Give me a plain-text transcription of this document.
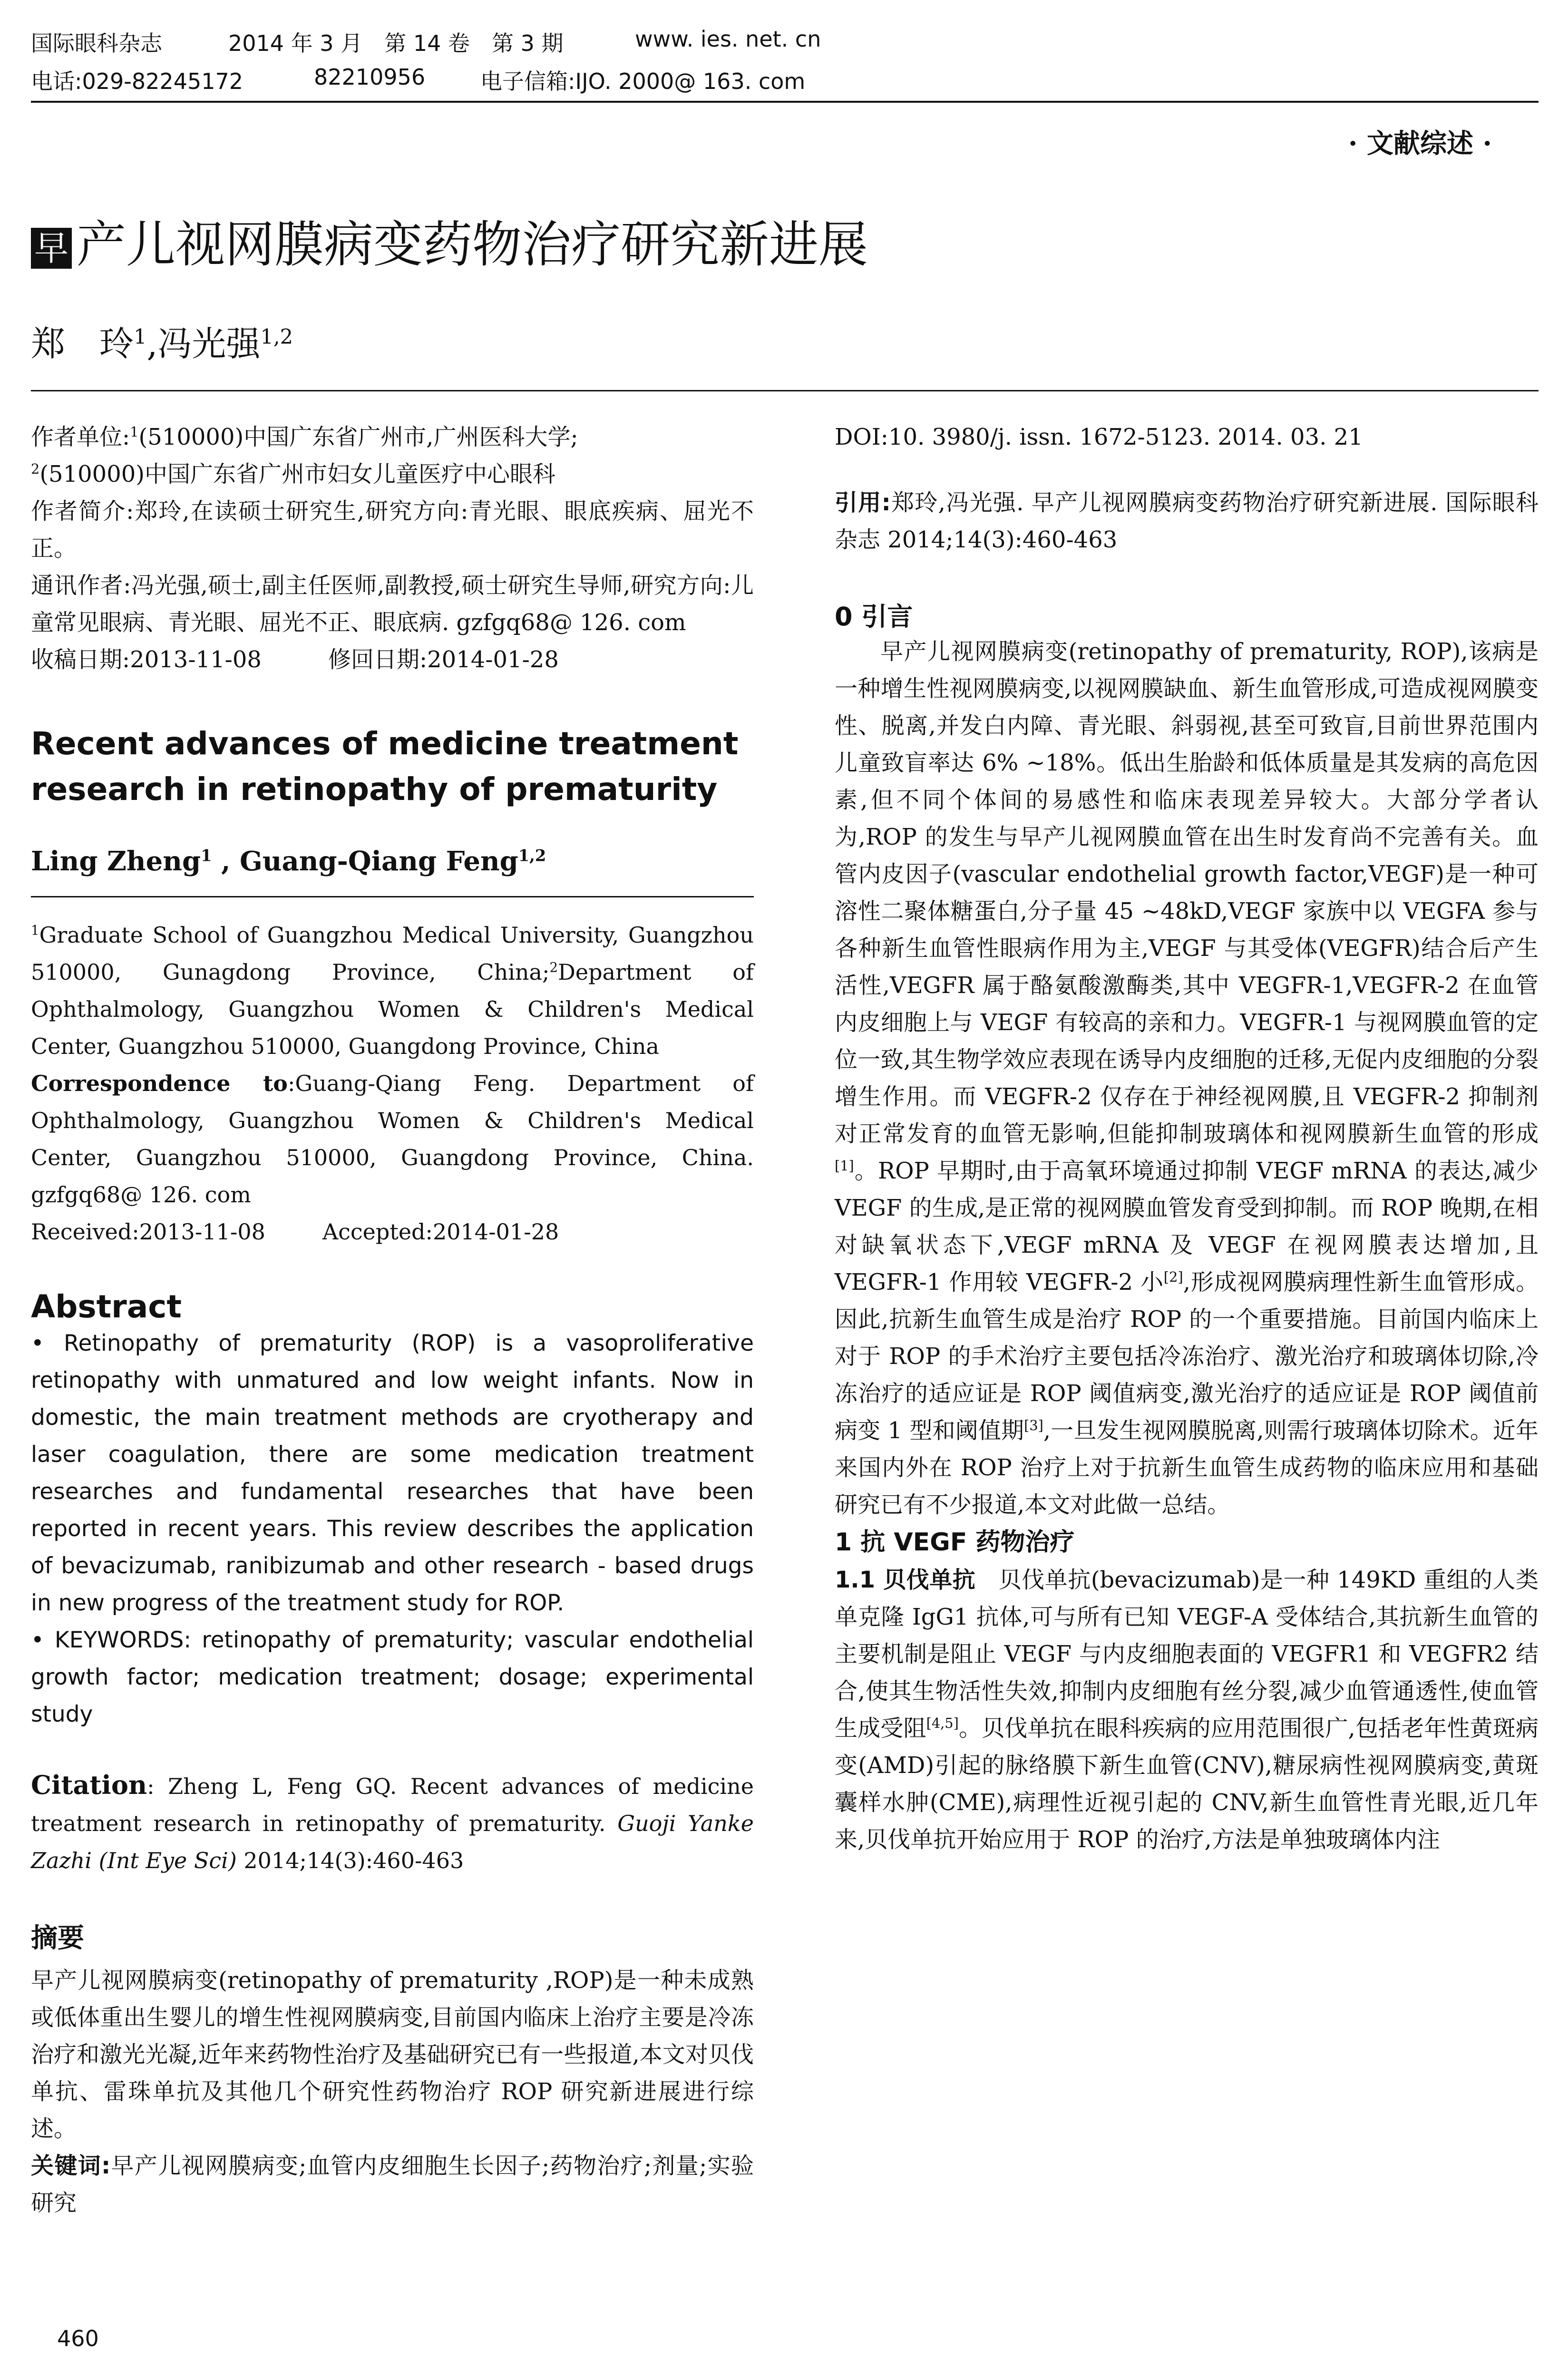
国际眼科杂志	2014 年 3 月　第 14 卷　第 3 期	www. ies. net. cn
电话:029-82245172	82210956	电子信箱:IJO. 2000@ 163. com
· 文献综述 ·
早 产儿视网膜病变药物治疗研究新进展
郑　玲$^1$,冯光强$^{1,2}$

作者单位:$^1$(510000)中国广东省广州市,广州医科大学;
$^2$(510000)中国广东省广州市妇女儿童医疗中心眼科

作者简介:郑玲,在读硕士研究生,研究方向:青光眼、眼底疾病、屈光不正。

通讯作者:冯光强,硕士,副主任医师,副教授,硕士研究生导师,研究方向:儿童常见眼病、青光眼、屈光不正、眼底病. gzfgq68@ 126. com

收稿日期:2013-11-08	修回日期:2014-01-28

Recent advances of medicine treatment research in retinopathy of prematurity
Ling Zheng$^1$ , Guang-Qiang Feng$^{1,2}$

$^1$Graduate School of Guangzhou Medical University, Guangzhou 510000, Gunagdong Province, China;$^2$Department of Ophthalmology, Guangzhou Women & Children's Medical Center, Guangzhou 510000, Guangdong Province, China

Correspondence to:Guang-Qiang Feng. Department of Ophthalmology, Guangzhou Women & Children's Medical Center, Guangzhou 510000, Guangdong Province, China. gzfgq68@ 126. com

Received:2013-11-08	Accepted:2014-01-28

Abstract

• Retinopathy of prematurity (ROP) is a vasoproliferative retinopathy with unmatured and low weight infants. Now in domestic, the main treatment methods are cryotherapy and laser coagulation, there are some medication treatment researches and fundamental researches that have been reported in recent years. This review describes the application of bevacizumab, ranibizumab and other research - based drugs in new progress of the treatment study for ROP.

• KEYWORDS: retinopathy of prematurity; vascular endothelial growth factor; medication treatment; dosage; experimental study

Citation: Zheng L, Feng GQ. Recent advances of medicine treatment research in retinopathy of prematurity. Guoji Yanke Zazhi (Int Eye Sci) 2014;14(3):460-463

摘要

早产儿视网膜病变(retinopathy of prematurity ,ROP)是一种未成熟或低体重出生婴儿的增生性视网膜病变,目前国内临床上治疗主要是冷冻治疗和激光光凝,近年来药物性治疗及基础研究已有一些报道,本文对贝伐单抗、雷珠单抗及其他几个研究性药物治疗 ROP 研究新进展进行综述。

关键词:早产儿视网膜病变;血管内皮细胞生长因子;药物治疗;剂量;实验研究

DOI:10. 3980/j. issn. 1672-5123. 2014. 03. 21

引用:郑玲,冯光强. 早产儿视网膜病变药物治疗研究新进展. 国际眼科杂志 2014;14(3):460-463

0 引言

早产儿视网膜病变(retinopathy of prematurity, ROP),该病是一种增生性视网膜病变,以视网膜缺血、新生血管形成,可造成视网膜变性、脱离,并发白内障、青光眼、斜弱视,甚至可致盲,目前世界范围内儿童致盲率达 6% ~18%。低出生胎龄和低体质量是其发病的高危因素,但不同个体间的易感性和临床表现差异较大。大部分学者认为,ROP 的发生与早产儿视网膜血管在出生时发育尚不完善有关。血管内皮因子(vascular endothelial growth factor,VEGF)是一种可溶性二聚体糖蛋白,分子量 45 ~48kD,VEGF 家族中以 VEGFA 参与各种新生血管性眼病作用为主,VEGF 与其受体(VEGFR)结合后产生活性,VEGFR 属于酪氨酸激酶类,其中 VEGFR-1,VEGFR-2 在血管内皮细胞上与 VEGF 有较高的亲和力。VEGFR-1 与视网膜血管的定位一致,其生物学效应表现在诱导内皮细胞的迁移,无促内皮细胞的分裂增生作用。而 VEGFR-2 仅存在于神经视网膜,且 VEGFR-2 抑制剂对正常发育的血管无影响,但能抑制玻璃体和视网膜新生血管的形成[1]。ROP 早期时,由于高氧环境通过抑制 VEGF mRNA 的表达,减少 VEGF 的生成,是正常的视网膜血管发育受到抑制。而 ROP 晚期,在相对缺氧状态下,VEGF mRNA 及 VEGF 在视网膜表达增加,且 VEGFR-1 作用较 VEGFR-2 小[2],形成视网膜病理性新生血管形成。因此,抗新生血管生成是治疗 ROP 的一个重要措施。目前国内临床上对于 ROP 的手术治疗主要包括冷冻治疗、激光治疗和玻璃体切除,冷冻治疗的适应证是 ROP 阈值病变,激光治疗的适应证是 ROP 阈值前病变 1 型和阈值期[3],一旦发生视网膜脱离,则需行玻璃体切除术。近年来国内外在 ROP 治疗上对于抗新生血管生成药物的临床应用和基础研究已有不少报道,本文对此做一总结。

1 抗 VEGF 药物治疗

1.1 贝伐单抗　 贝伐单抗(bevacizumab)是一种 149KD 重组的人类单克隆 IgG1 抗体,可与所有已知 VEGF-A 受体结合,其抗新生血管的主要机制是阻止 VEGF 与内皮细胞表面的 VEGFR1 和 VEGFR2 结合,使其生物活性失效,抑制内皮细胞有丝分裂,减少血管通透性,使血管生成受阻[4,5]。贝伐单抗在眼科疾病的应用范围很广,包括老年性黄斑病变(AMD)引起的脉络膜下新生血管(CNV),糖尿病性视网膜病变,黄斑囊样水肿(CME),病理性近视引起的 CNV,新生血管性青光眼,近几年来,贝伐单抗开始应用于 ROP 的治疗,方法是单独玻璃体内注

460
